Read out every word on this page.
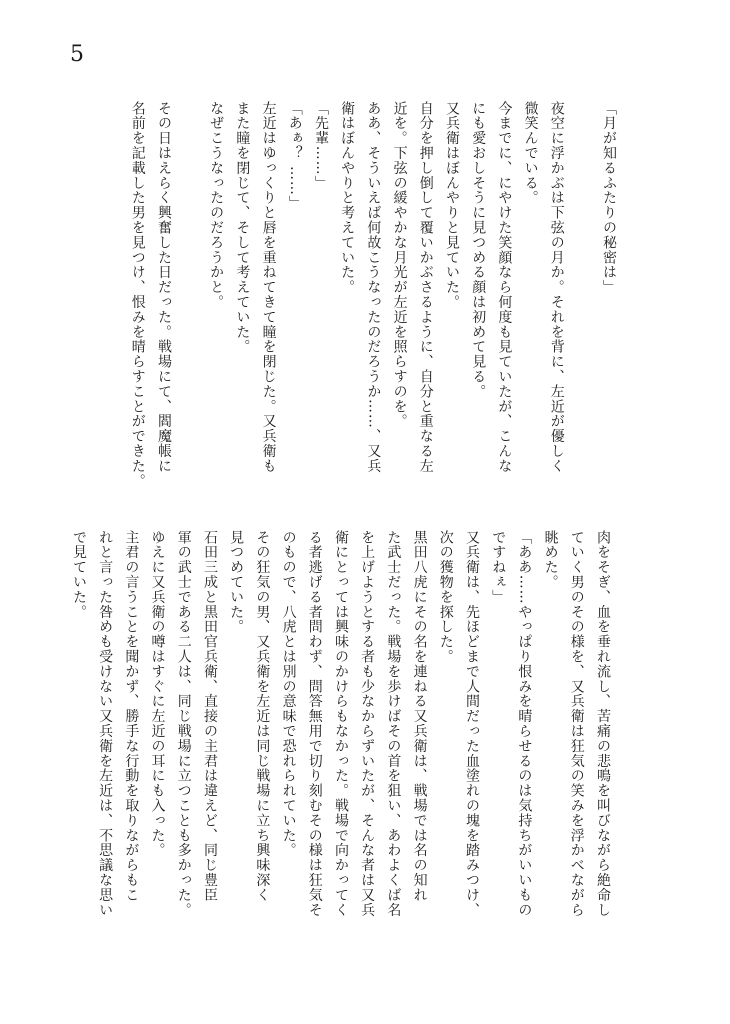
5
「月が知るふたりの秘密は」
夜空に浮かぶは下弦の月か。それを背に、左近が優しく
微笑んでいる。
今までに、にやけた笑顔なら何度も見ていたが、こんな
にも愛おしそうに見つめる顔は初めて見る。
又兵衛はぼんやりと見ていた。
自分を押し倒して覆いかぶさるように、自分と重なる左
近を。下弦の緩やかな月光が左近を照らすのを。
ああ、そういえば何故こうなったのだろうか……、又兵
衛はぼんやりと考えていた。
「先輩……」
「あぁ？ ……」
左近はゆっくりと唇を重ねてきて瞳を閉じた。又兵衛も
また瞳を閉じて、そして考えていた。
なぜこうなったのだろうかと。
その日はえらく興奮した日だった。戦場にて、閻魔帳に
名前を記載した男を見つけ、恨みを晴らすことができた。
肉をそぎ、血を垂れ流し、苦痛の悲鳴を叫びながら絶命し
ていく男のその様を、又兵衛は狂気の笑みを浮かべながら
眺めた。
「ああ……やっぱり恨みを晴らせるのは気持ちがいいもの
ですねぇ」
又兵衛は、先ほどまで人間だった血塗れの塊を踏みつけ、
次の獲物を探した。
黒田八虎にその名を連ねる又兵衛は、戦場では名の知れ
た武士だった。戦場を歩けばその首を狙い、あわよくば名
を上げようとする者も少なからずいたが、そんな者は又兵
衛にとっては興味のかけらもなかった。戦場で向かってく
る者逃げる者問わず、問答無用で切り刻むその様は狂気そ
のもので、八虎とは別の意味で恐れられていた。
その狂気の男、又兵衛を左近は同じ戦場に立ち興味深く
見つめていた。
石田三成と黒田官兵衛、直接の主君は違えど、同じ豊臣
軍の武士である二人は、同じ戦場に立つことも多かった。
ゆえに又兵衛の噂はすぐに左近の耳にも入った。
主君の言うことを聞かず、勝手な行動を取りながらもこ
れと言った咎めも受けない又兵衛を左近は、不思議な思い
で見ていた。
